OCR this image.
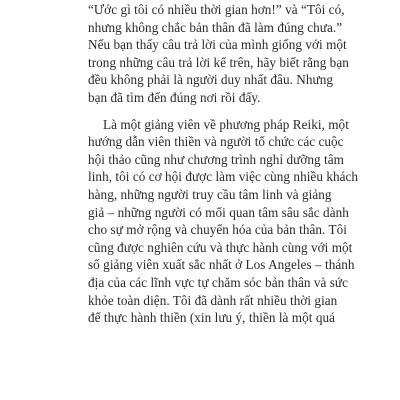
“Ước gì tôi có nhiều thời gian hơn!” và “Tôi có,
nhưng không chắc bản thân đã làm đúng chưa.”
Nếu bạn thấy câu trả lời của mình giống với một
trong những câu trả lời kể trên, hãy biết rằng bạn
đều không phải là người duy nhất đâu. Nhưng
bạn đã tìm đến đúng nơi rồi đấy.
Là một giảng viên về phương pháp Reiki, một
hướng dẫn viên thiền và người tổ chức các cuộc
hội thảo cũng như chương trình nghỉ dưỡng tâm
linh, tôi có cơ hội được làm việc cùng nhiều khách
hàng, những người truy cầu tâm linh và giảng
giả – những người có mối quan tâm sâu sắc dành
cho sự mở rộng và chuyển hóa của bản thân. Tôi
cũng được nghiên cứu và thực hành cùng với một
số giảng viên xuất sắc nhất ở Los Angeles – thánh
địa của các lĩnh vực tự chăm sóc bản thân và sức
khỏe toàn diện. Tôi đã dành rất nhiều thời gian
để thực hành thiền (xin lưu ý, thiền là một quá
